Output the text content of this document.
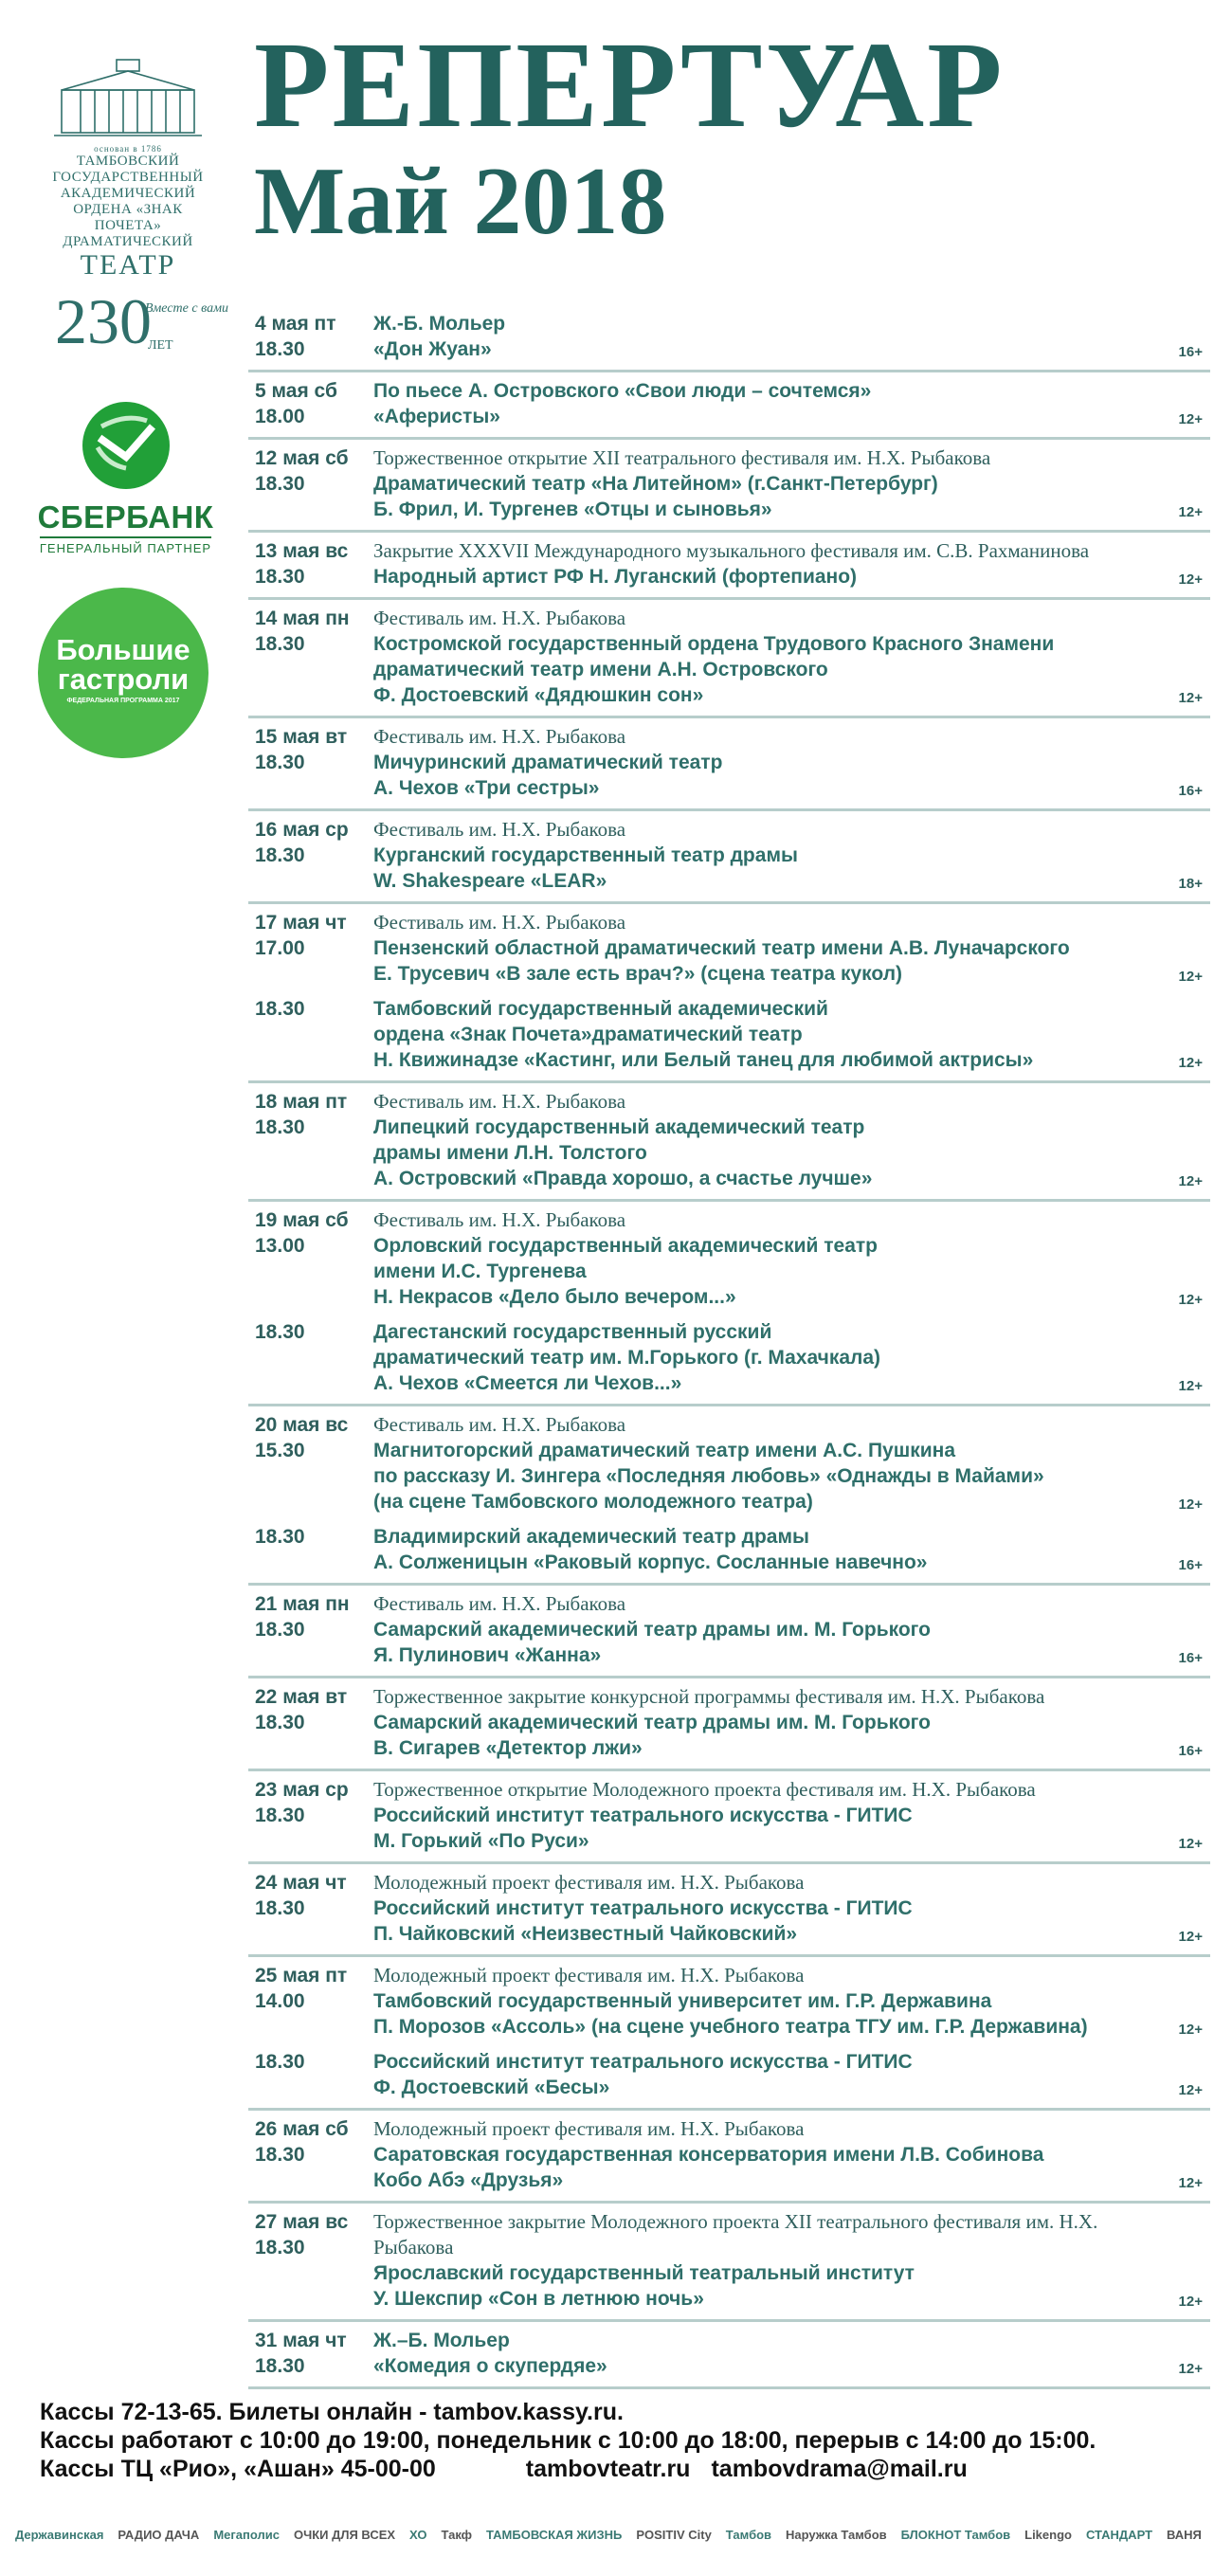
основан в 1786
ТАМБОВСКИЙ
ГОСУДАРСТВЕННЫЙ
АКАДЕМИЧЕСКИЙ
ОРДЕНА «ЗНАК ПОЧЕТА»
ДРАМАТИЧЕСКИЙ
ТЕАТР
230
Вместе с вами
ЛЕТ
СБЕРБАНК
ГЕНЕРАЛЬНЫЙ ПАРТНЕР
Большие
гастроли
ФЕДЕРАЛЬНАЯ ПРОГРАММА 2017
РЕПЕРТУАР
Май 2018
4 мая пт
18.30
Ж.-Б. Мольер
«Дон Жуан»	16+
5 мая сб
18.00
По пьесе А. Островского «Свои люди – сочтемся»
«Аферисты»	12+
12 мая сб
18.30
Торжественное открытие XII театрального фестиваля им. Н.Х. Рыбакова
Драматический театр «На Литейном» (г.Санкт-Петербург)
Б. Фрил, И. Тургенев «Отцы и сыновья»	12+
13 мая вс
18.30
Закрытие XXXVII Международного музыкального фестиваля им. С.В. Рахманинова
Народный артист РФ Н. Луганский (фортепиано)	12+
14 мая пн
18.30
Фестиваль им. Н.Х. Рыбакова
Костромской государственный ордена Трудового Красного Знамени
драматический театр имени А.Н. Островского
Ф. Достоевский «Дядюшкин сон»	12+
15 мая вт
18.30
Фестиваль им. Н.Х. Рыбакова
Мичуринский драматический театр
А. Чехов «Три сестры»	16+
16 мая ср
18.30
Фестиваль им. Н.Х. Рыбакова
Курганский государственный театр драмы
W. Shakespeare «LEAR»	18+
17 мая чт
17.00
Фестиваль им. Н.Х. Рыбакова
Пензенский областной драматический театр имени А.В. Луначарского
Е. Трусевич «В зале есть врач?» (сцена театра кукол)	12+
18.30	Тамбовский государственный академический
ордена «Знак Почета»драматический театр
Н. Квижинадзе «Кастинг, или Белый танец для любимой актрисы»	12+
18 мая пт
18.30
Фестиваль им. Н.Х. Рыбакова
Липецкий государственный академический театр
драмы имени Л.Н. Толстого
А. Островский «Правда хорошо, а счастье лучше»	12+
19 мая сб
13.00
Фестиваль им. Н.Х. Рыбакова
Орловский государственный академический театр
имени И.С. Тургенева
Н. Некрасов «Дело было вечером...»	12+
18.30	Дагестанский государственный русский
драматический театр им. М.Горького (г. Махачкала)
А. Чехов «Смеется ли Чехов...»	12+
20 мая вс
15.30
Фестиваль им. Н.Х. Рыбакова
Магнитогорский драматический театр имени А.С. Пушкина
по рассказу И. Зингера «Последняя любовь» «Однажды в Майами»
(на сцене Тамбовского молодежного театра)	12+
18.30	Владимирский академический театр драмы
А. Солженицын «Раковый корпус. Сосланные навечно»	16+
21 мая пн
18.30
Фестиваль им. Н.Х. Рыбакова
Самарский академический театр драмы им. М. Горького
Я. Пулинович «Жанна»	16+
22 мая вт
18.30
Торжественное закрытие конкурсной программы фестиваля им. Н.Х. Рыбакова
Самарский академический театр драмы им. М. Горького
В. Сигарев «Детектор лжи»	16+
23 мая ср
18.30
Торжественное открытие Молодежного проекта фестиваля им. Н.Х. Рыбакова
Российский институт театрального искусства - ГИТИС
М. Горький «По Руси»	12+
24 мая чт
18.30
Молодежный проект фестиваля им. Н.Х. Рыбакова
Российский институт театрального искусства - ГИТИС
П. Чайковский «Неизвестный Чайковский»	12+
25 мая пт
14.00
Молодежный проект фестиваля им. Н.Х. Рыбакова
Тамбовский государственный университет им. Г.Р. Державина
П. Морозов «Ассоль» (на сцене учебного театра ТГУ им. Г.Р. Державина)	12+
18.30	Российский институт театрального искусства - ГИТИС
Ф. Достоевский «Бесы»	12+
26 мая сб
18.30
Молодежный проект фестиваля им. Н.Х. Рыбакова
Саратовская государственная консерватория имени Л.В. Собинова
Кобо Абэ «Друзья»	12+
27 мая вс
18.30
Торжественное закрытие Молодежного проекта XII театрального фестиваля им. Н.Х. Рыбакова
Ярославский государственный театральный институт
У. Шекспир «Сон в летнюю ночь»	12+
31 мая чт
18.30
Ж.–Б. Мольер
«Комедия о скупердяе»	12+
Кассы 72-13-65. Билеты онлайн - tambov.kassy.ru.
Кассы работают с 10:00 до 19:00, понедельник с 10:00 до 18:00, перерыв с 14:00 до 15:00.
Кассы ТЦ «Рио», «Ашан» 45-00-00	tambovteatr.ru tambovdrama@mail.ru
Державинская	РАДИО ДАЧА	Мегаполис	ОЧКИ ДЛЯ ВСЕХ	ХО	Такф	ТАМБОВСКАЯ ЖИЗНЬ	POSITIV City	Тамбов	Наружка Тамбов	БЛОКНОТ Тамбов	Likengo	СТАНДАРТ	ВАНЯ
